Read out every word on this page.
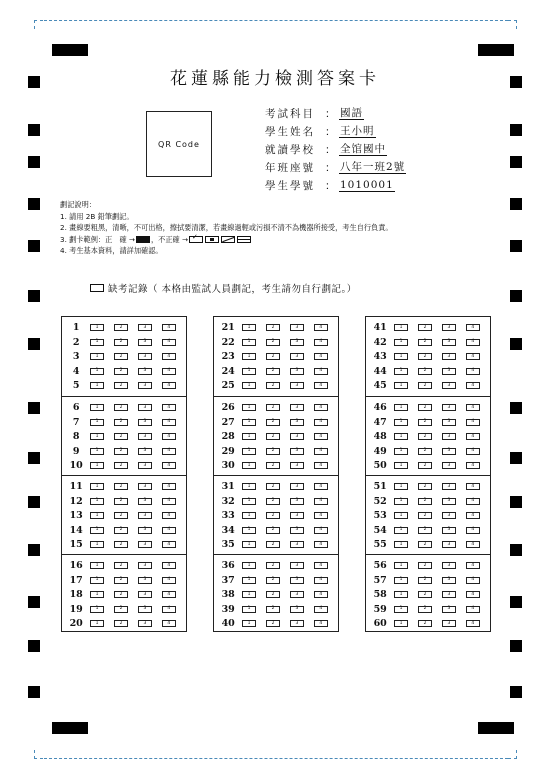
花蓮縣能力檢測答案卡
QR Code
考試科目 ： 國語
學生姓名 ： 王小明
就讀學校 ： 全馆國中
年班座號 ： 八年一班2號
學生學號 ： 1010001
劃記說明：
1. 請用 2B 鉛筆劃記。
2. 畫線要粗黑，清晰，不可出格，擦拭要清潔，若畫線過輕或污損不清不為機器所接受，考生自行負責。
3. 劃卡範例：正　確 → ，不正確 →
✓
4. 考生基本資料，請詳加確認。
缺考記錄（ 本格由監試人員劃記，考生請勿自行劃記。）
1	1	2	3	4
2	1	2	3	4
3	1	2	3	4
4	1	2	3	4
5	1	2	3	4
6	1	2	3	4
7	1	2	3	4
8	1	2	3	4
9	1	2	3	4
10	1	2	3	4
11	1	2	3	4
12	1	2	3	4
13	1	2	3	4
14	1	2	3	4
15	1	2	3	4
16	1	2	3	4
17	1	2	3	4
18	1	2	3	4
19	1	2	3	4
20	1	2	3	4
21	1	2	3	4
22	1	2	3	4
23	1	2	3	4
24	1	2	3	4
25	1	2	3	4
26	1	2	3	4
27	1	2	3	4
28	1	2	3	4
29	1	2	3	4
30	1	2	3	4
31	1	2	3	4
32	1	2	3	4
33	1	2	3	4
34	1	2	3	4
35	1	2	3	4
36	1	2	3	4
37	1	2	3	4
38	1	2	3	4
39	1	2	3	4
40	1	2	3	4
41	1	2	3	4
42	1	2	3	4
43	1	2	3	4
44	1	2	3	4
45	1	2	3	4
46	1	2	3	4
47	1	2	3	4
48	1	2	3	4
49	1	2	3	4
50	1	2	3	4
51	1	2	3	4
52	1	2	3	4
53	1	2	3	4
54	1	2	3	4
55	1	2	3	4
56	1	2	3	4
57	1	2	3	4
58	1	2	3	4
59	1	2	3	4
60	1	2	3	4
